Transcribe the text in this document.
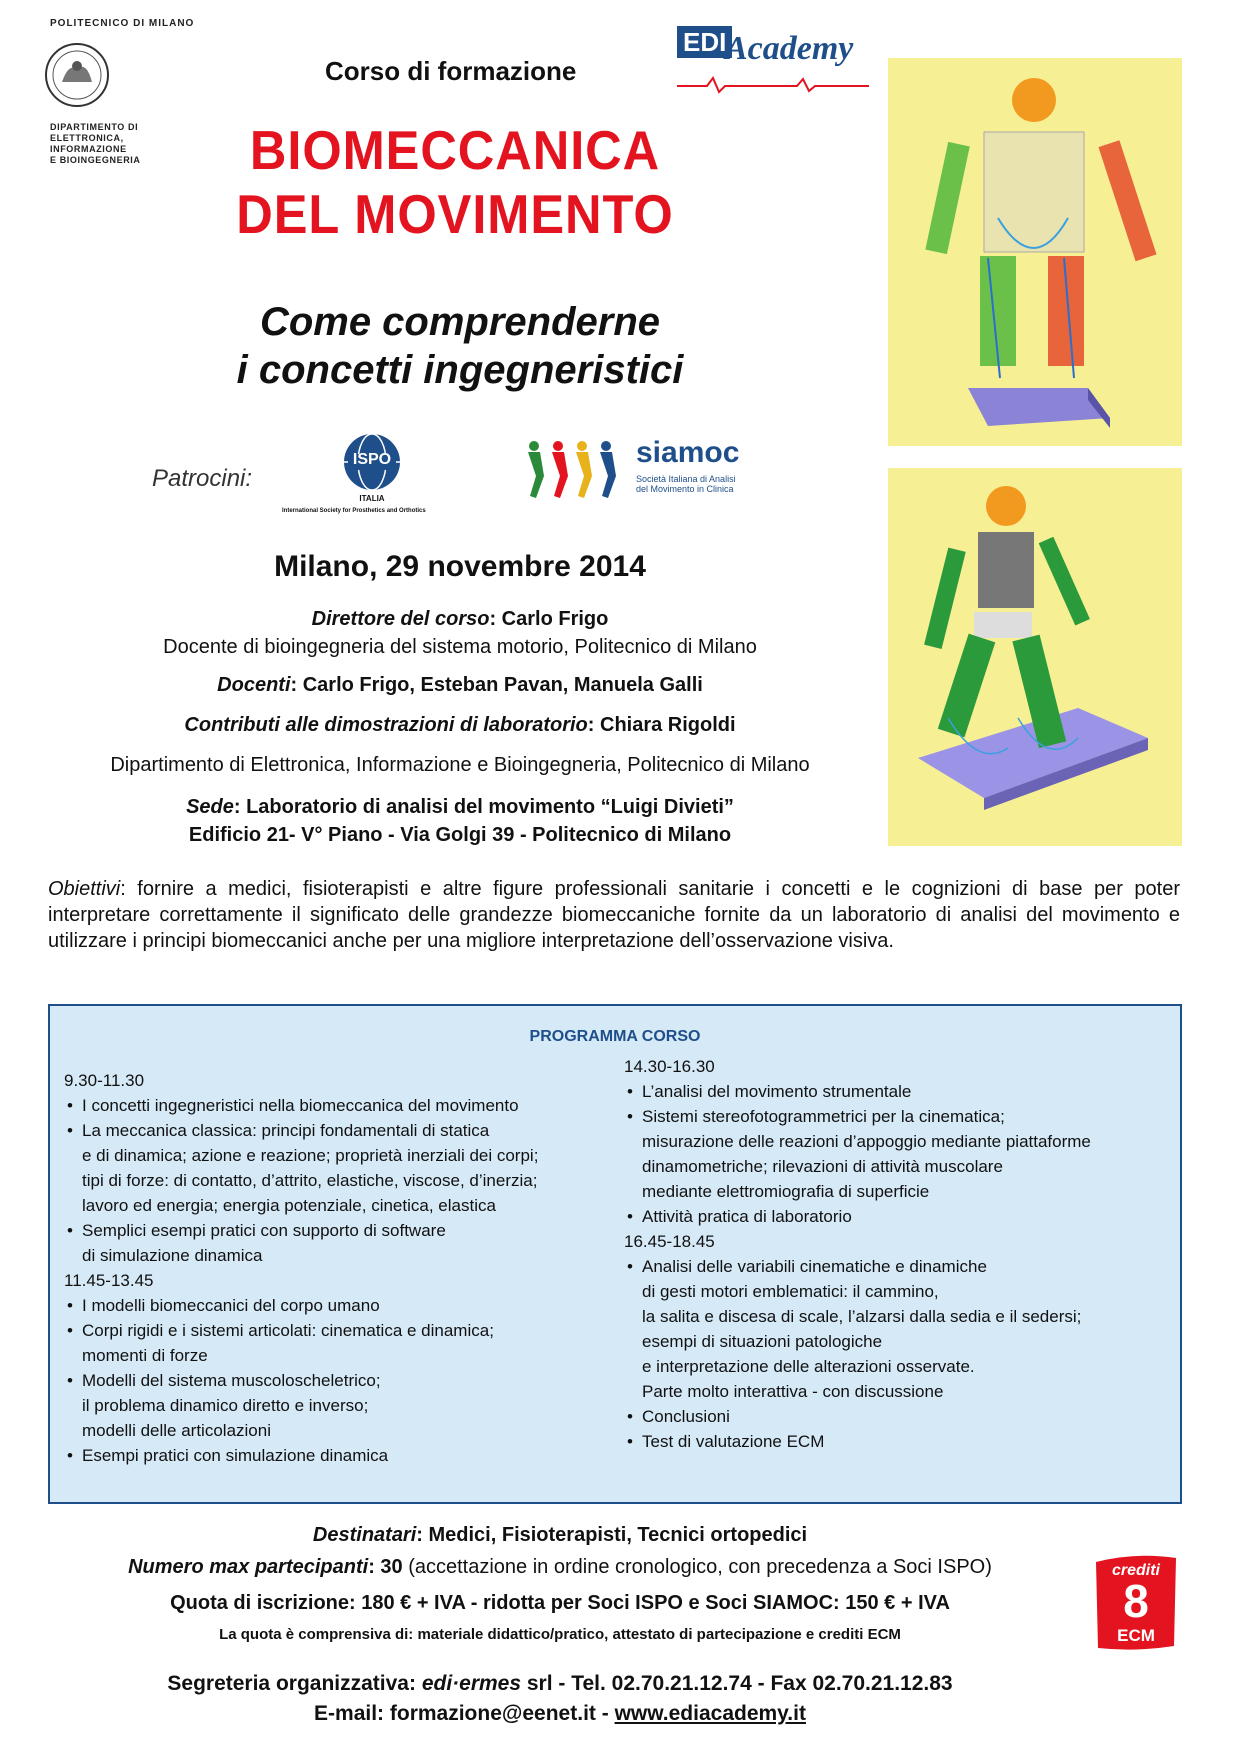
POLITECNICO DI MILANO
DIPARTIMENTO DI
ELETTRONICA,
INFORMAZIONE
E BIOINGEGNERIA
Corso di formazione
EDI
Academy
BIOMECCANICA
DEL MOVIMENTO
Come comprenderne
i concetti ingegneristici
Patrocini:
ISPO
ITALIA
International Society for Prosthetics and Orthotics
siamoc
Società Italiana di Analisi
del Movimento in Clinica
Milano, 29 novembre 2014
Direttore del corso: Carlo Frigo
Docente di bioingegneria del sistema motorio, Politecnico di Milano
Docenti: Carlo Frigo, Esteban Pavan, Manuela Galli
Contributi alle dimostrazioni di laboratorio: Chiara Rigoldi
Dipartimento di Elettronica, Informazione e Bioingegneria, Politecnico di Milano
Sede: Laboratorio di analisi del movimento “Luigi Divieti”
Edificio 21- V° Piano - Via Golgi 39 - Politecnico di Milano
Obiettivi: fornire a medici, fisioterapisti e altre figure professionali sanitarie i concetti e le cognizioni di base per poter interpretare correttamente il significato delle grandezze biomeccaniche fornite da un laboratorio di analisi del movimento e utilizzare i principi biomeccanici anche per una migliore interpretazione dell’osservazione visiva.
PROGRAMMA CORSO
9.30-11.30
• I concetti ingegneristici nella biomeccanica del movimento
• La meccanica classica: principi fondamentali di statica
e di dinamica; azione e reazione; proprietà inerziali dei corpi;
tipi di forze: di contatto, d’attrito, elastiche, viscose, d’inerzia;
lavoro ed energia; energia potenziale, cinetica, elastica
• Semplici esempi pratici con supporto di software
di simulazione dinamica
11.45-13.45
• I modelli biomeccanici del corpo umano
• Corpi rigidi e i sistemi articolati: cinematica e dinamica;
momenti di forze
• Modelli del sistema muscoloscheletrico;
il problema dinamico diretto e inverso;
modelli delle articolazioni
• Esempi pratici con simulazione dinamica
14.30-16.30
• L’analisi del movimento strumentale
• Sistemi stereofotogrammetrici per la cinematica;
misurazione delle reazioni d’appoggio mediante piattaforme
dinamometriche; rilevazioni di attività muscolare
mediante elettromiografia di superficie
• Attività pratica di laboratorio
16.45-18.45
• Analisi delle variabili cinematiche e dinamiche
di gesti motori emblematici: il cammino,
la salita e discesa di scale, l’alzarsi dalla sedia e il sedersi;
esempi di situazioni patologiche
e interpretazione delle alterazioni osservate.
Parte molto interattiva - con discussione
• Conclusioni
• Test di valutazione ECM
Destinatari: Medici, Fisioterapisti, Tecnici ortopedici
Numero max partecipanti: 30 (accettazione in ordine cronologico, con precedenza a Soci ISPO)
Quota di iscrizione: 180 € + IVA - ridotta per Soci ISPO e Soci SIAMOC: 150 € + IVA
La quota è comprensiva di: materiale didattico/pratico, attestato di partecipazione e crediti ECM
Segreteria organizzativa: edi·ermes srl - Tel. 02.70.21.12.74 - Fax 02.70.21.12.83
E-mail: formazione@eenet.it - www.ediacademy.it
crediti
8
ECM
